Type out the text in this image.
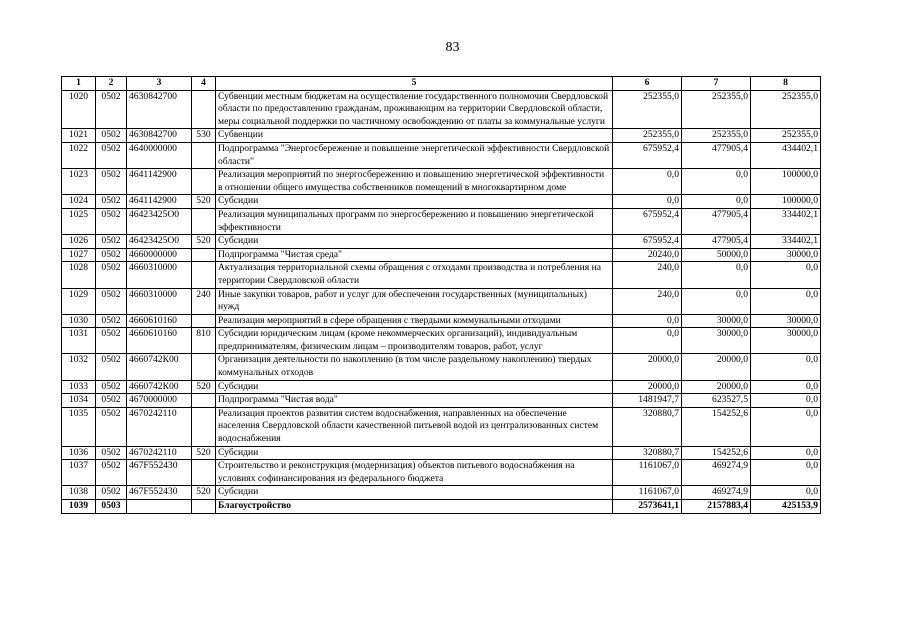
83
1	2	3	4	5	6	7	8
1020	0502	4630842700		Субвенции местным бюджетам на осуществление государственного полномочия Свердловской области по предоставлению гражданам, проживающим на территории Свердловской области, меры социальной поддержки по частичному освобождению от платы за коммунальные услуги	252355,0	252355,0	252355,0
1021	0502	4630842700	530	Субвенции	252355,0	252355,0	252355,0
1022	0502	4640000000		Подпрограмма "Энергосбережение и повышение энергетической эффективности Свердловской области"	675952,4	477905,4	434402,1
1023	0502	4641142900		Реализация мероприятий по энергосбережению и повышению энергетической эффективности в отношении общего имущества собственников помещений в многоквартирном доме	0,0	0,0	100000,0
1024	0502	4641142900	520	Субсидии	0,0	0,0	100000,0
1025	0502	46423425О0		Реализация муниципальных программ по энергосбережению и повышению энергетической эффективности	675952,4	477905,4	334402,1
1026	0502	46423425О0	520	Субсидии	675952,4	477905,4	334402,1
1027	0502	4660000000		Подпрограмма "Чистая среда"	20240,0	50000,0	30000,0
1028	0502	4660310000		Актуализация территориальной схемы обращения с отходами производства и потребления на территории Свердловской области	240,0	0,0	0,0
1029	0502	4660310000	240	Иные закупки товаров, работ и услуг для обеспечения государственных (муниципальных) нужд	240,0	0,0	0,0
1030	0502	4660610160		Реализация мероприятий в сфере обращения с твердыми коммунальными отходами	0,0	30000,0	30000,0
1031	0502	4660610160	810	Субсидии юридическим лицам (кроме некоммерческих организаций), индивидуальным предпринимателям, физическим лицам – производителям товаров, работ, услуг	0,0	30000,0	30000,0
1032	0502	4660742К00		Организация деятельности по накоплению (в том числе раздельному накоплению) твердых коммунальных отходов	20000,0	20000,0	0,0
1033	0502	4660742К00	520	Субсидии	20000,0	20000,0	0,0
1034	0502	4670000000		Подпрограмма "Чистая вода"	1481947,7	623527,5	0,0
1035	0502	4670242110		Реализация проектов развития систем водоснабжения, направленных на обеспечение населения Свердловской области качественной питьевой водой из централизованных систем водоснабжения	320880,7	154252,6	0,0
1036	0502	4670242110	520	Субсидии	320880,7	154252,6	0,0
1037	0502	467F552430		Строительство и реконструкция (модернизация) объектов питьевого водоснабжения на условиях софинансирования из федерального бюджета	1161067,0	469274,9	0,0
1038	0502	467F552430	520	Субсидии	1161067,0	469274,9	0,0
1039	0503			Благоустройство	2573641,1	2157883,4	425153,9
